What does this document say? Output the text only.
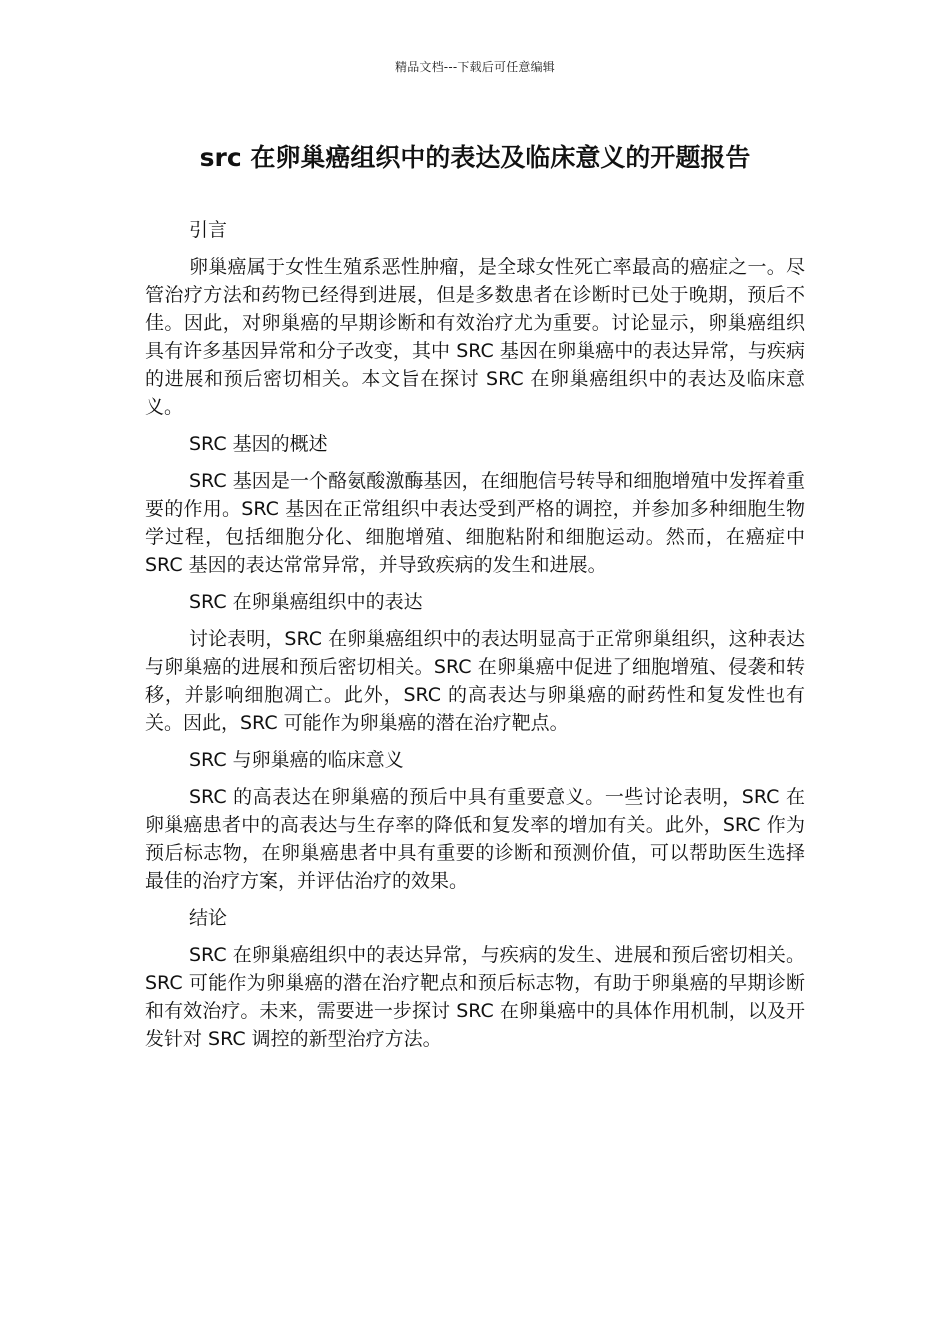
精品文档---下载后可任意编辑
src 在卵巢癌组织中的表达及临床意义的开题报告

引言

卵巢癌属于女性生殖系恶性肿瘤，是全球女性死亡率最高的癌症之一。尽管治疗方法和药物已经得到进展，但是多数患者在诊断时已处于晚期，预后不佳。因此，对卵巢癌的早期诊断和有效治疗尤为重要。讨论显示，卵巢癌组织具有许多基因异常和分子改变，其中 SRC 基因在卵巢癌中的表达异常，与疾病的进展和预后密切相关。本文旨在探讨 SRC 在卵巢癌组织中的表达及临床意义。

SRC 基因的概述

SRC 基因是一个酪氨酸激酶基因，在细胞信号转导和细胞增殖中发挥着重要的作用。SRC 基因在正常组织中表达受到严格的调控，并参加多种细胞生物学过程，包括细胞分化、细胞增殖、细胞粘附和细胞运动。然而，在癌症中 SRC 基因的表达常常异常，并导致疾病的发生和进展。

SRC 在卵巢癌组织中的表达

讨论表明，SRC 在卵巢癌组织中的表达明显高于正常卵巢组织，这种表达与卵巢癌的进展和预后密切相关。SRC 在卵巢癌中促进了细胞增殖、侵袭和转移，并影响细胞凋亡。此外，SRC 的高表达与卵巢癌的耐药性和复发性也有关。因此，SRC 可能作为卵巢癌的潜在治疗靶点。

SRC 与卵巢癌的临床意义

SRC 的高表达在卵巢癌的预后中具有重要意义。一些讨论表明，SRC 在卵巢癌患者中的高表达与生存率的降低和复发率的增加有关。此外，SRC 作为预后标志物，在卵巢癌患者中具有重要的诊断和预测价值，可以帮助医生选择最佳的治疗方案，并评估治疗的效果。

结论

SRC 在卵巢癌组织中的表达异常，与疾病的发生、进展和预后密切相关。SRC 可能作为卵巢癌的潜在治疗靶点和预后标志物，有助于卵巢癌的早期诊断和有效治疗。未来，需要进一步探讨 SRC 在卵巢癌中的具体作用机制，以及开发针对 SRC 调控的新型治疗方法。
